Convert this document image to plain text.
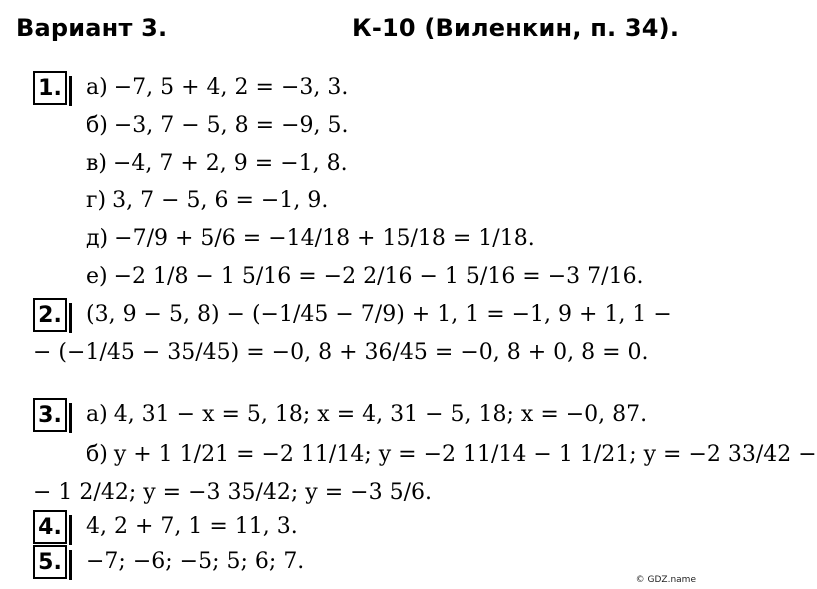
Вариант 3.	К-10 (Виленкин, п. 34).
1. а) −7, 5 + 4, 2 = −3, 3.
б) −3, 7 − 5, 8 = −9, 5.
в) −4, 7 + 2, 9 = −1, 8.
г) 3, 7 − 5, 6 = −1, 9.
д) −7/9 + 5/6 = −14/18 + 15/18 = 1/18.
е) −2 1/8 − 1 5/16 = −2 2/16 − 1 5/16 = −3 7/16.
2. (3, 9 − 5, 8) − (−1/45 − 7/9) + 1, 1 = −1, 9 + 1, 1 −
− (−1/45 − 35/45) = −0, 8 + 36/45 = −0, 8 + 0, 8 = 0.
3. а) 4, 31 − x = 5, 18; x = 4, 31 − 5, 18; x = −0, 87.
б) y + 1 1/21 = −2 11/14; y = −2 11/14 − 1 1/21; y = −2 33/42 −
− 1 2/42; y = −3 35/42; y = −3 5/6.
4. 4, 2 + 7, 1 = 11, 3.
5. −7; −6; −5; 5; 6; 7.
© GDZ.name
